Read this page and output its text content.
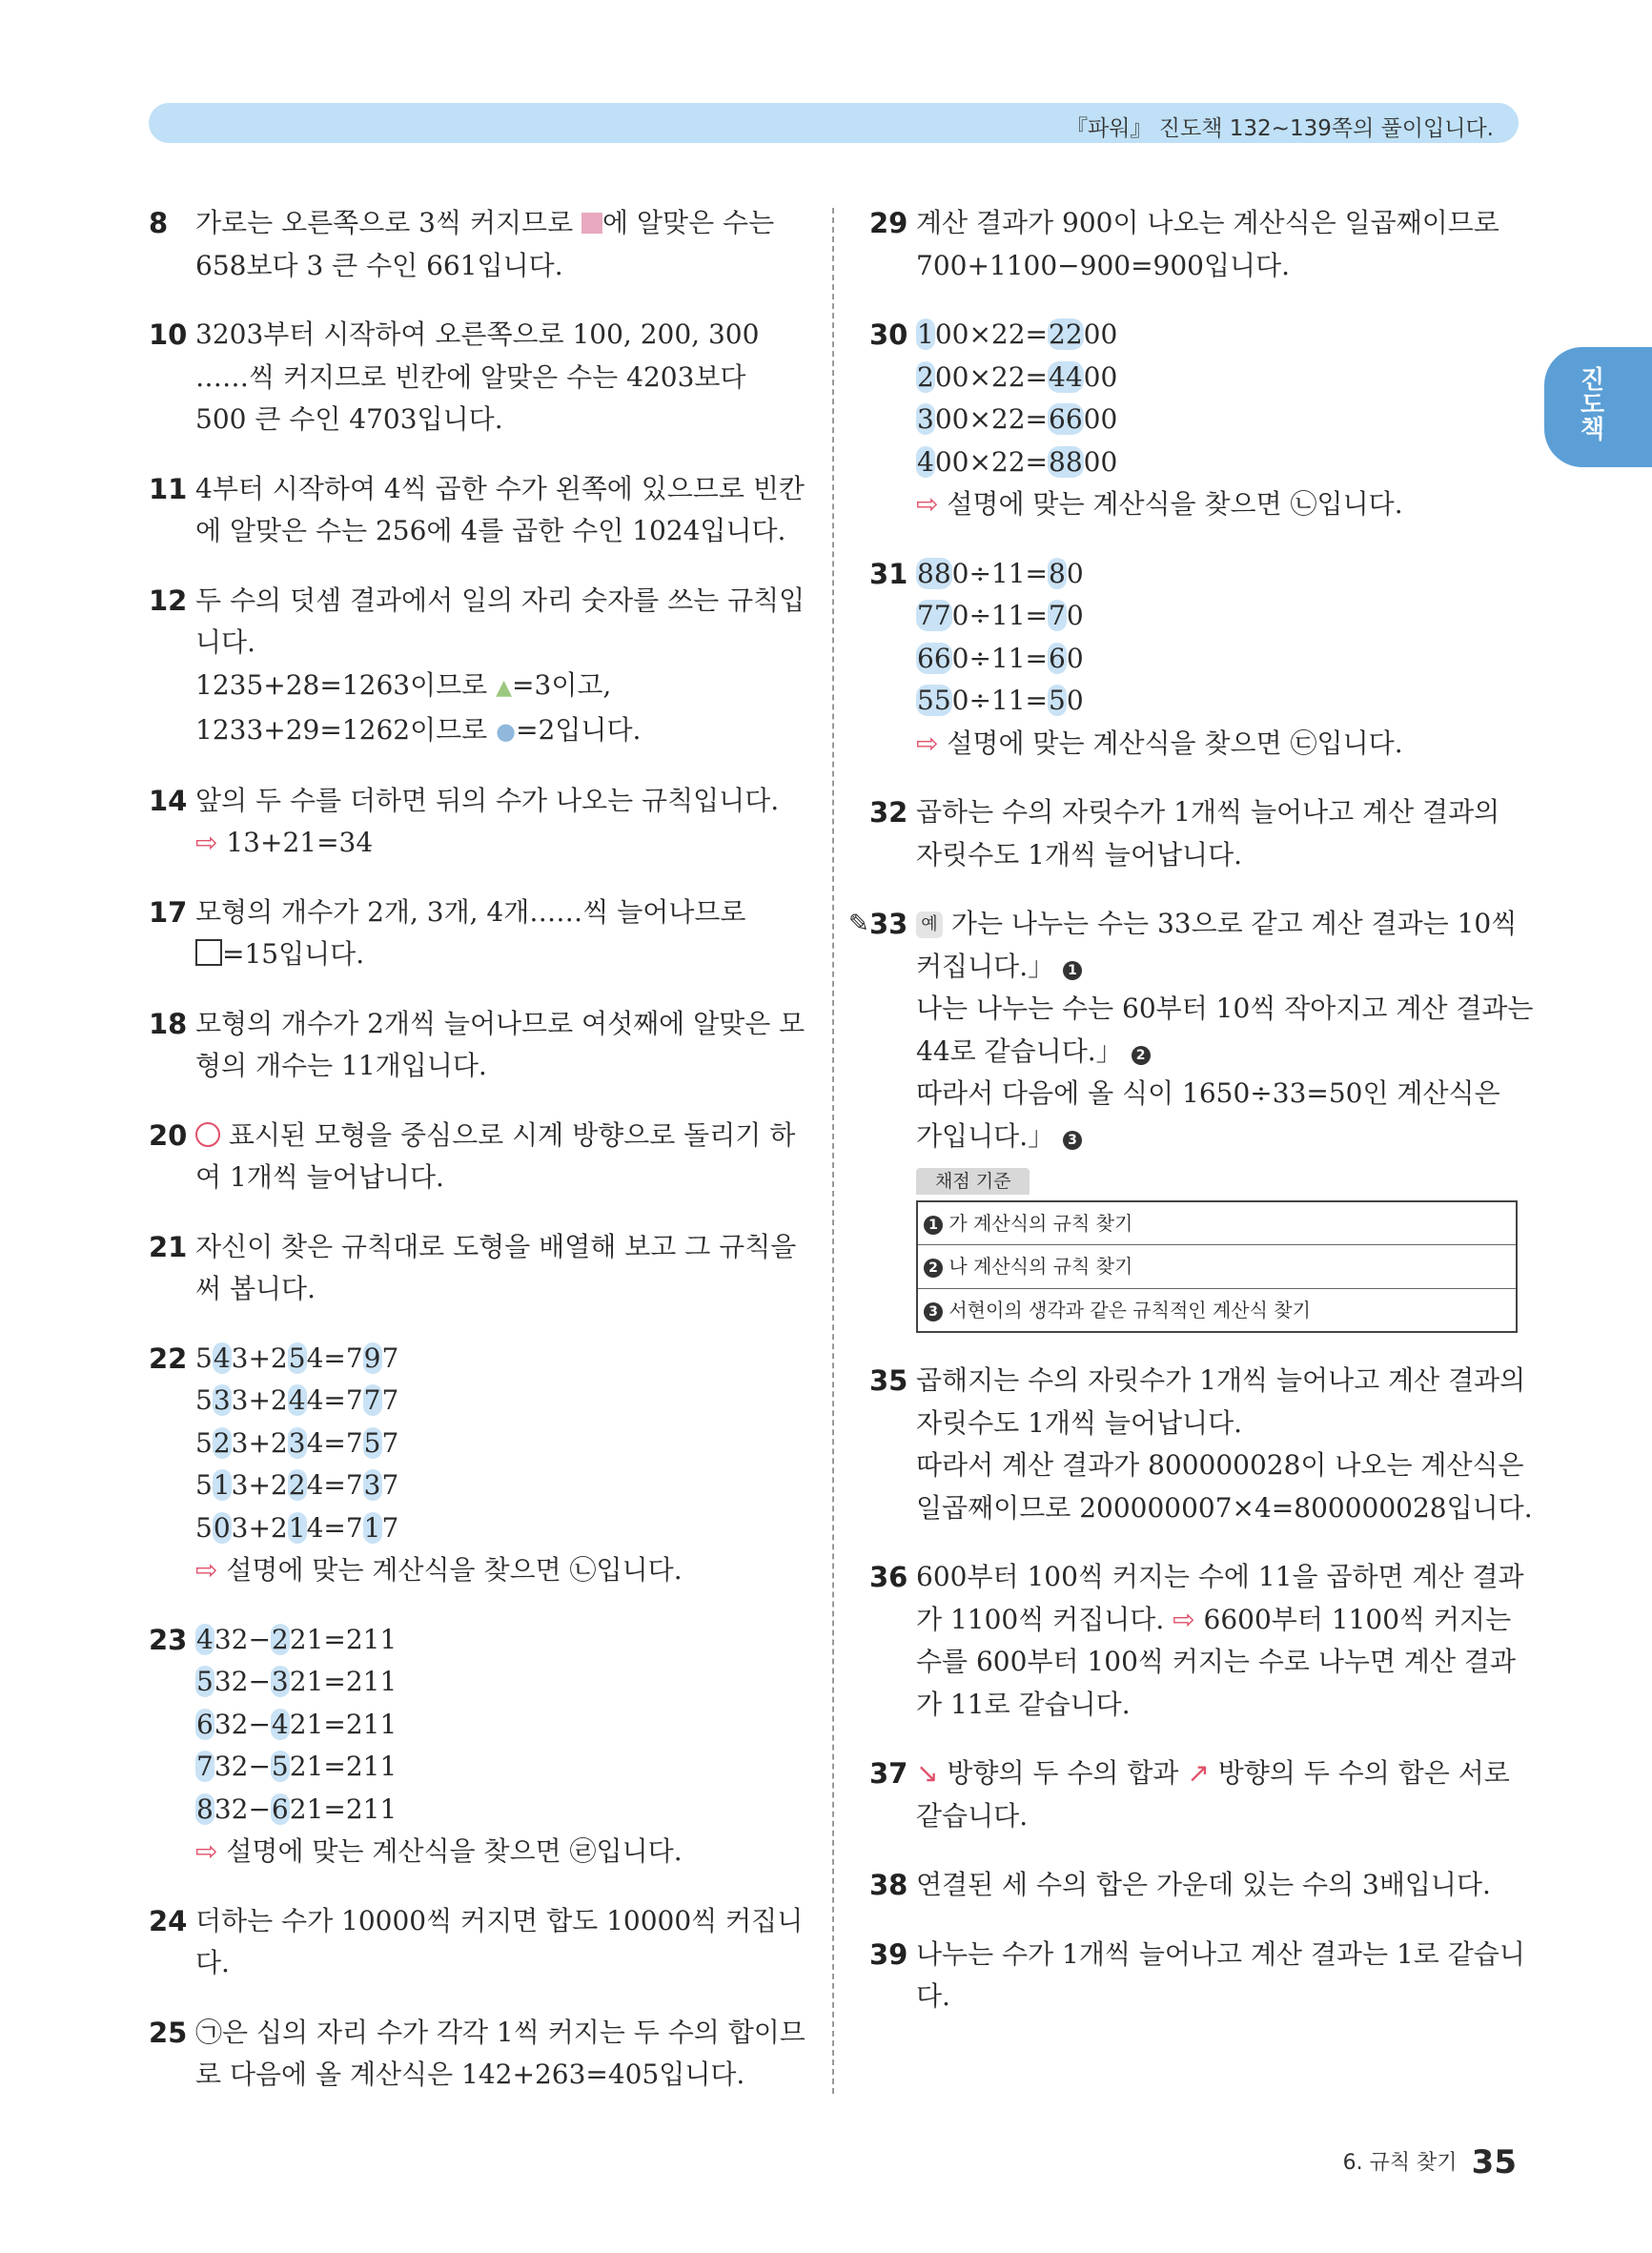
『파워』 진도책 132~139쪽의 풀이입니다.
진도책
8 가로는 오른쪽으로 3씩 커지므로 에 알맞은 수는
658보다 3 큰 수인 661입니다.
10 3203부터 시작하여 오른쪽으로 100, 200, 300
……씩 커지므로 빈칸에 알맞은 수는 4203보다
500 큰 수인 4703입니다.
11 4부터 시작하여 4씩 곱한 수가 왼쪽에 있으므로 빈칸
에 알맞은 수는 256에 4를 곱한 수인 1024입니다.
12 두 수의 덧셈 결과에서 일의 자리 숫자를 쓰는 규칙입
니다.
1235+28=1263이므로 ▲=3이고,
1233+29=1262이므로 ●=2입니다.
14 앞의 두 수를 더하면 뒤의 수가 나오는 규칙입니다.
⇨ 13+21=34
17 모형의 개수가 2개, 3개, 4개……씩 늘어나므로
=15입니다.
18 모형의 개수가 2개씩 늘어나므로 여섯째에 알맞은 모
형의 개수는 11개입니다.
20	표시된 모형을 중심으로 시계 방향으로 돌리기 하
여 1개씩 늘어납니다.
21 자신이 찾은 규칙대로 도형을 배열해 보고 그 규칙을
써 봅니다.
22 543+254=797
533+244=777
523+234=757
513+224=737
503+214=717
⇨ 설명에 맞는 계산식을 찾으면 ㉡입니다.
23 432−221=211
532−321=211
632−421=211
732−521=211
832−621=211
⇨ 설명에 맞는 계산식을 찾으면 ㉣입니다.
24 더하는 수가 10000씩 커지면 합도 10000씩 커집니
다.
25 ㉠은 십의 자리 수가 각각 1씩 커지는 두 수의 합이므
로 다음에 올 계산식은 142+263=405입니다.
29 계산 결과가 900이 나오는 계산식은 일곱째이므로
700+1100−900=900입니다.
30 100×22=2200
200×22=4400
300×22=6600
400×22=8800
⇨ 설명에 맞는 계산식을 찾으면 ㉡입니다.
31 880÷11=80
770÷11=70
660÷11=60
550÷11=50
⇨ 설명에 맞는 계산식을 찾으면 ㉢입니다.
32 곱하는 수의 자릿수가 1개씩 늘어나고 계산 결과의
자릿수도 1개씩 늘어납니다.
✎ 33 예 가는 나누는 수는 33으로 같고 계산 결과는 10씩
커집니다.」 1
나는 나누는 수는 60부터 10씩 작아지고 계산 결과는
44로 같습니다.」 2
따라서 다음에 올 식이 1650÷33=50인 계산식은
가입니다.」 3
채점 기준
1 가 계산식의 규칙 찾기
2 나 계산식의 규칙 찾기
3 서현이의 생각과 같은 규칙적인 계산식 찾기
35 곱해지는 수의 자릿수가 1개씩 늘어나고 계산 결과의
자릿수도 1개씩 늘어납니다.
따라서 계산 결과가 800000028이 나오는 계산식은
일곱째이므로 200000007×4=800000028입니다.
36 600부터 100씩 커지는 수에 11을 곱하면 계산 결과
가 1100씩 커집니다. ⇨ 6600부터 1100씩 커지는
수를 600부터 100씩 커지는 수로 나누면 계산 결과
가 11로 같습니다.
37 ↘ 방향의 두 수의 합과 ↗ 방향의 두 수의 합은 서로
같습니다.
38 연결된 세 수의 합은 가운데 있는 수의 3배입니다.
39 나누는 수가 1개씩 늘어나고 계산 결과는 1로 같습니
다.
6. 규칙 찾기 35
